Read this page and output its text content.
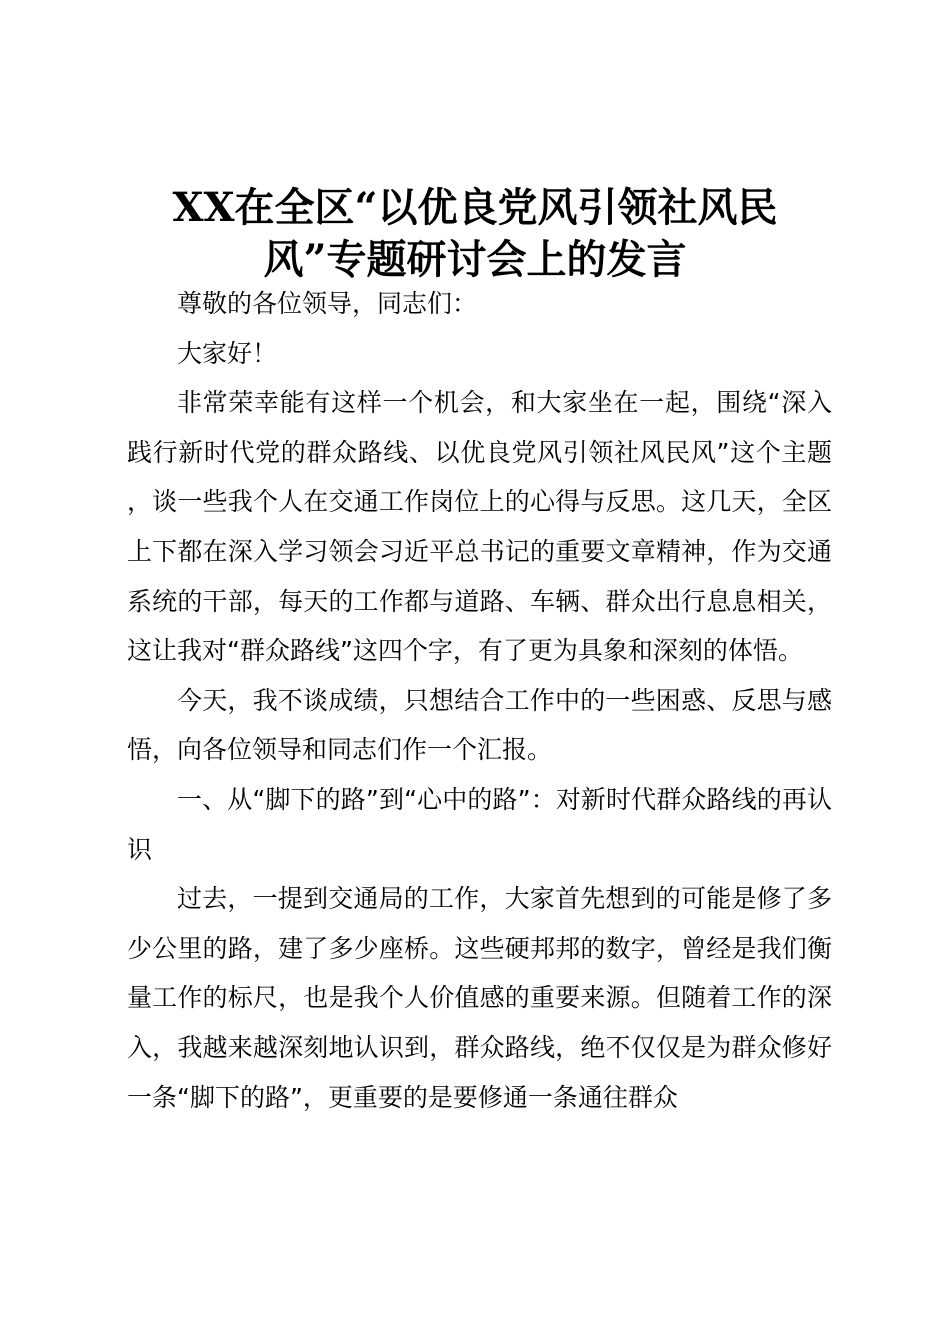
XX在全区“以优良党风引领社风民
风”专题研讨会上的发言

尊敬的各位领导，同志们：

大家好！

非常荣幸能有这样一个机会，和大家坐在一起，围绕“深入践行新时代党的群众路线、以优良党风引领社风民风”这个主题，谈一些我个人在交通工作岗位上的心得与反思。这几天，全区上下都在深入学习领会习近平总书记的重要文章精神，作为交通系统的干部，每天的工作都与道路、车辆、群众出行息息相关，这让我对“群众路线”这四个字，有了更为具象和深刻的体悟。

今天，我不谈成绩，只想结合工作中的一些困惑、反思与感悟，向各位领导和同志们作一个汇报。

一、从“脚下的路”到“心中的路”：对新时代群众路线的再认识

过去，一提到交通局的工作，大家首先想到的可能是修了多少公里的路，建了多少座桥。这些硬邦邦的数字，曾经是我们衡量工作的标尺，也是我个人价值感的重要来源。但随着工作的深入，我越来越深刻地认识到，群众路线，绝不仅仅是为群众修好一条“脚下的路”，更重要的是要修通一条通往群众
